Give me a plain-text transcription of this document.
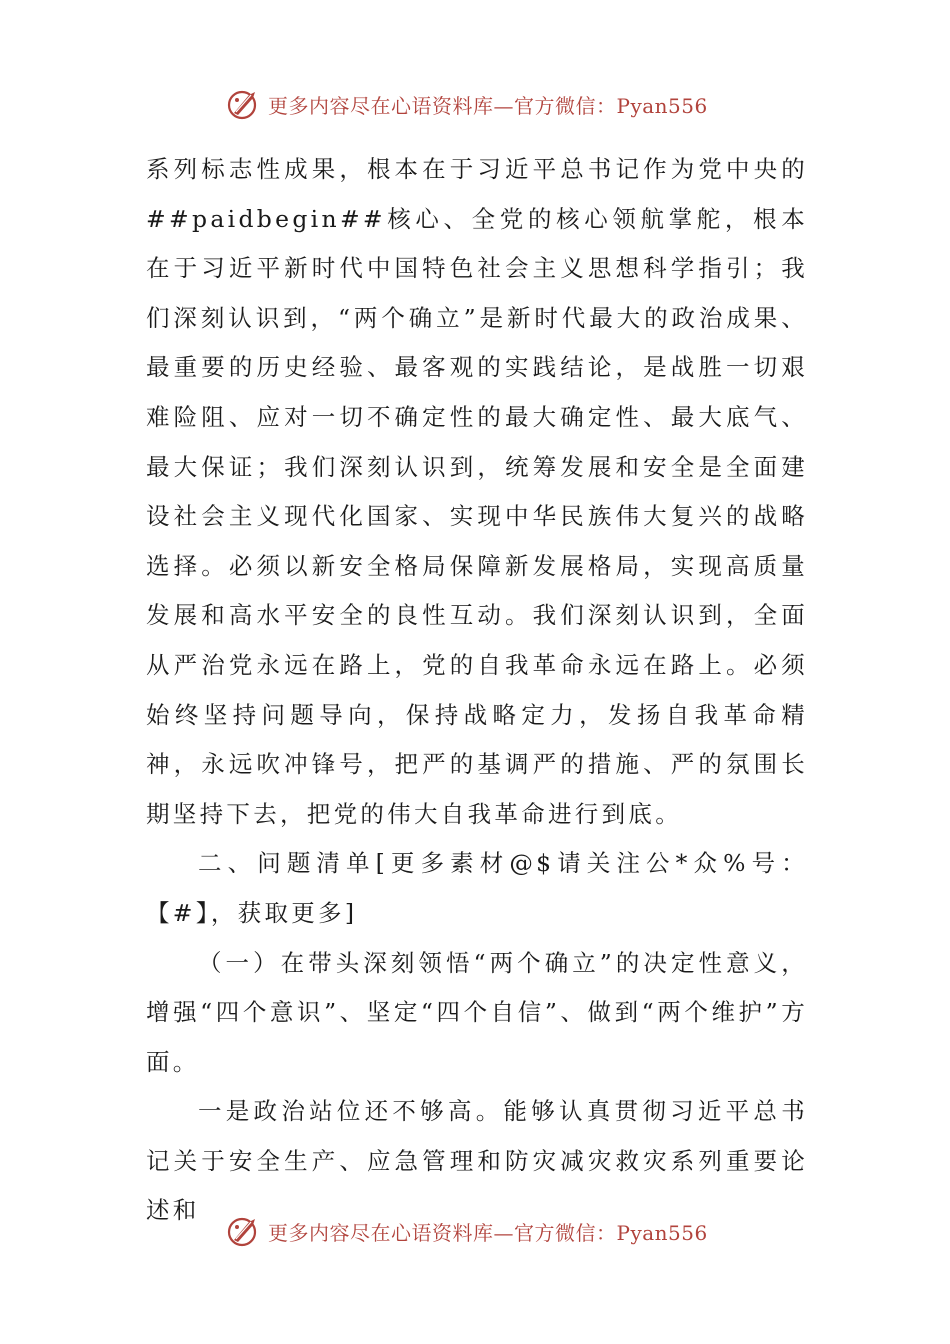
更多内容尽在心语资料库—官方微信：Pyan556

系列标志性成果，根本在于习近平总书记作为党中央的##paidbegin##核心、全党的核心领航掌舵，根本在于习近平新时代中国特色社会主义思想科学指引；我们深刻认识到，“两个确立”是新时代最大的政治成果、最重要的历史经验、最客观的实践结论，是战胜一切艰难险阻、应对一切不确定性的最大确定性、最大底气、最大保证；我们深刻认识到，统筹发展和安全是全面建设社会主义现代化国家、实现中华民族伟大复兴的战略选择。必须以新安全格局保障新发展格局，实现高质量发展和高水平安全的良性互动。我们深刻认识到，全面从严治党永远在路上，党的自我革命永远在路上。必须始终坚持问题导向，保持战略定力，发扬自我革命精神，永远吹冲锋号，把严的基调严的措施、严的氛围长期坚持下去，把党的伟大自我革命进行到底。

二、问题清单[更多素材@$请关注公*众%号：【#】，获取更多]

（一）在带头深刻领悟“两个确立”的决定性意义，增强“四个意识”、坚定“四个自信”、做到“两个维护”方面。

一是政治站位还不够高。能够认真贯彻习近平总书记关于安全生产、应急管理和防灾减灾救灾系列重要论述和

更多内容尽在心语资料库—官方微信：Pyan556
